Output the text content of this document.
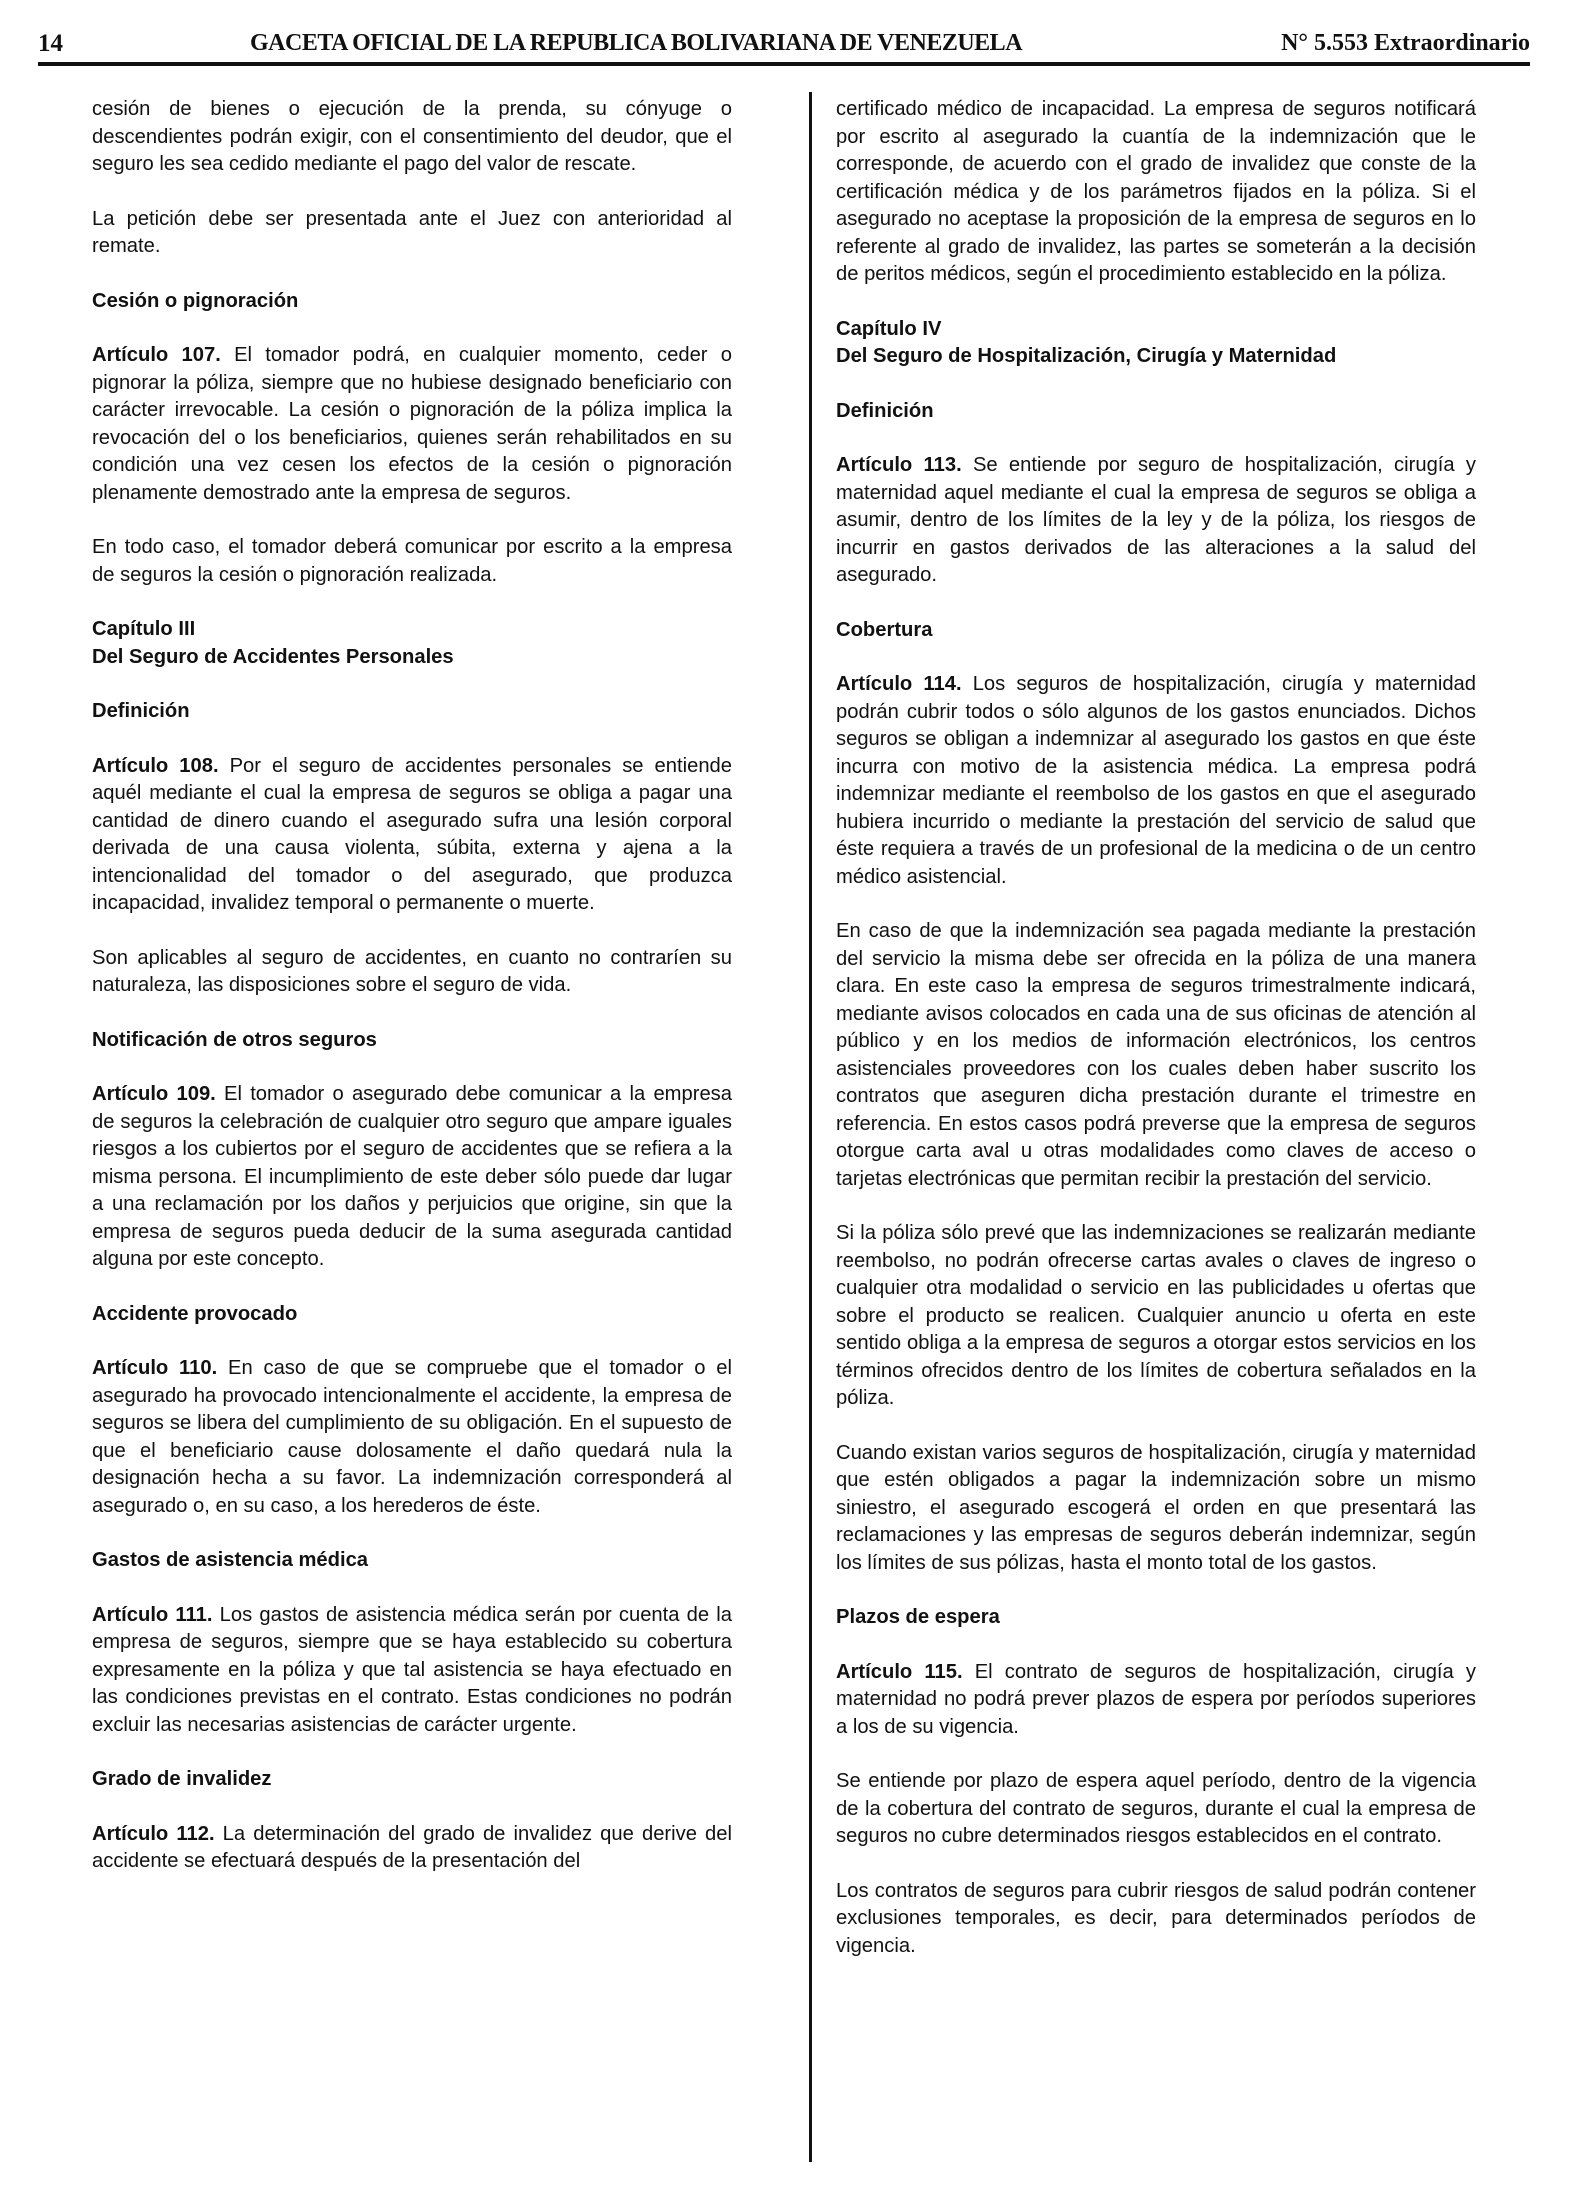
14	GACETA OFICIAL DE LA REPUBLICA BOLIVARIANA DE VENEZUELA	N° 5.553 Extraordinario

cesión de bienes o ejecución de la prenda, su cónyuge o descendientes podrán exigir, con el consentimiento del deudor, que el seguro les sea cedido mediante el pago del valor de rescate.

La petición debe ser presentada ante el Juez con anterioridad al remate.

Cesión o pignoración

Artículo 107. El tomador podrá, en cualquier momento, ceder o pignorar la póliza, siempre que no hubiese designado beneficiario con carácter irrevocable. La cesión o pignoración de la póliza implica la revocación del o los beneficiarios, quienes serán rehabilitados en su condición una vez cesen los efectos de la cesión o pignoración plenamente demostrado ante la empresa de seguros.

En todo caso, el tomador deberá comunicar por escrito a la empresa de seguros la cesión o pignoración realizada.

Capítulo III

Del Seguro de Accidentes Personales

Definición

Artículo 108. Por el seguro de accidentes personales se entiende aquél mediante el cual la empresa de seguros se obliga a pagar una cantidad de dinero cuando el asegurado sufra una lesión corporal derivada de una causa violenta, súbita, externa y ajena a la intencionalidad del tomador o del asegurado, que produzca incapacidad, invalidez temporal o permanente o muerte.

Son aplicables al seguro de accidentes, en cuanto no contraríen su naturaleza, las disposiciones sobre el seguro de vida.

Notificación de otros seguros

Artículo 109. El tomador o asegurado debe comunicar a la empresa de seguros la celebración de cualquier otro seguro que ampare iguales riesgos a los cubiertos por el seguro de accidentes que se refiera a la misma persona. El incumplimiento de este deber sólo puede dar lugar a una reclamación por los daños y perjuicios que origine, sin que la empresa de seguros pueda deducir de la suma asegurada cantidad alguna por este concepto.

Accidente provocado

Artículo 110. En caso de que se compruebe que el tomador o el asegurado ha provocado intencionalmente el accidente, la empresa de seguros se libera del cumplimiento de su obligación. En el supuesto de que el beneficiario cause dolosamente el daño quedará nula la designación hecha a su favor. La indemnización corresponderá al asegurado o, en su caso, a los herederos de éste.

Gastos de asistencia médica

Artículo 111. Los gastos de asistencia médica serán por cuenta de la empresa de seguros, siempre que se haya establecido su cobertura expresamente en la póliza y que tal asistencia se haya efectuado en las condiciones previstas en el contrato. Estas condiciones no podrán excluir las necesarias asistencias de carácter urgente.

Grado de invalidez

Artículo 112. La determinación del grado de invalidez que derive del accidente se efectuará después de la presentación del

certificado médico de incapacidad. La empresa de seguros notificará por escrito al asegurado la cuantía de la indemnización que le corresponde, de acuerdo con el grado de invalidez que conste de la certificación médica y de los parámetros fijados en la póliza. Si el asegurado no aceptase la proposición de la empresa de seguros en lo referente al grado de invalidez, las partes se someterán a la decisión de peritos médicos, según el procedimiento establecido en la póliza.

Capítulo IV

Del Seguro de Hospitalización, Cirugía y Maternidad

Definición

Artículo 113. Se entiende por seguro de hospitalización, cirugía y maternidad aquel mediante el cual la empresa de seguros se obliga a asumir, dentro de los límites de la ley y de la póliza, los riesgos de incurrir en gastos derivados de las alteraciones a la salud del asegurado.

Cobertura

Artículo 114. Los seguros de hospitalización, cirugía y maternidad podrán cubrir todos o sólo algunos de los gastos enunciados. Dichos seguros se obligan a indemnizar al asegurado los gastos en que éste incurra con motivo de la asistencia médica. La empresa podrá indemnizar mediante el reembolso de los gastos en que el asegurado hubiera incurrido o mediante la prestación del servicio de salud que éste requiera a través de un profesional de la medicina o de un centro médico asistencial.

En caso de que la indemnización sea pagada mediante la prestación del servicio la misma debe ser ofrecida en la póliza de una manera clara. En este caso la empresa de seguros trimestralmente indicará, mediante avisos colocados en cada una de sus oficinas de atención al público y en los medios de información electrónicos, los centros asistenciales proveedores con los cuales deben haber suscrito los contratos que aseguren dicha prestación durante el trimestre en referencia. En estos casos podrá preverse que la empresa de seguros otorgue carta aval u otras modalidades como claves de acceso o tarjetas electrónicas que permitan recibir la prestación del servicio.

Si la póliza sólo prevé que las indemnizaciones se realizarán mediante reembolso, no podrán ofrecerse cartas avales o claves de ingreso o cualquier otra modalidad o servicio en las publicidades u ofertas que sobre el producto se realicen. Cualquier anuncio u oferta en este sentido obliga a la empresa de seguros a otorgar estos servicios en los términos ofrecidos dentro de los límites de cobertura señalados en la póliza.

Cuando existan varios seguros de hospitalización, cirugía y maternidad que estén obligados a pagar la indemnización sobre un mismo siniestro, el asegurado escogerá el orden en que presentará las reclamaciones y las empresas de seguros deberán indemnizar, según los límites de sus pólizas, hasta el monto total de los gastos.

Plazos de espera

Artículo 115. El contrato de seguros de hospitalización, cirugía y maternidad no podrá prever plazos de espera por períodos superiores a los de su vigencia.

Se entiende por plazo de espera aquel período, dentro de la vigencia de la cobertura del contrato de seguros, durante el cual la empresa de seguros no cubre determinados riesgos establecidos en el contrato.

Los contratos de seguros para cubrir riesgos de salud podrán contener exclusiones temporales, es decir, para determinados períodos de vigencia.
